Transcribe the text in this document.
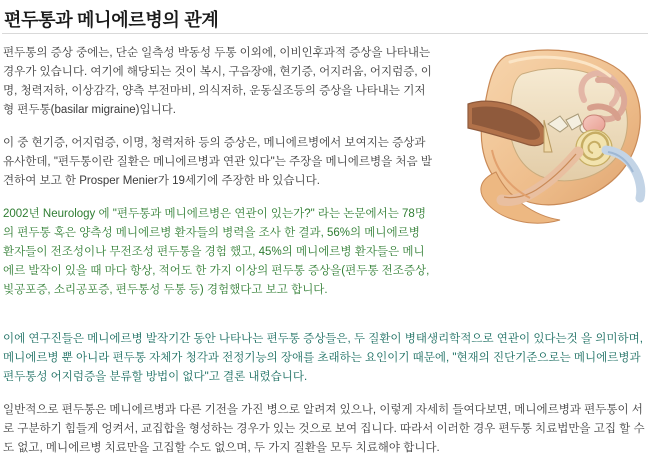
편두통과 메니에르병의 관계

편두통의 증상 중에는, 단순 일측성 박동성 두통 이외에, 이비인후과적 증상을 나타내는 경우가 있습니다. 여기에 해당되는 것이 복시, 구음장애, 현기증, 어지러움, 어지럼증, 이명, 청력저하, 이상감각, 양측 부전마비, 의식저하, 운동실조등의 증상을 나타내는 기저형 편두통(basilar migraine)입니다.

이 중 현기증, 어지럼증, 이명, 청력저하 등의 증상은, 메니에르병에서 보여지는 증상과 유사한데, "편두통이란 질환은 메니에르병과 연관 있다"는 주장을 메니에르병을 처음 발견하여 보고 한 Prosper Menier가 19세기에 주장한 바 있습니다.

2002년 Neurology 에 "편두통과 메니에르병은 연관이 있는가?" 라는 논문에서는 78명의 편두통 혹은 양측성 메니에르병 환자들의 병력을 조사 한 결과, 56%의 메니에르병 환자들이 전조성이나 무전조성 편두통을 경험 했고, 45%의 메니에르병 환자들은 메니에르 발작이 있을 때 마다 항상, 적어도 한 가지 이상의 편두통 증상을(편두통 전조증상, 빛공포증, 소리공포증, 편두통성 두통 등) 경험했다고 보고 합니다.

이에 연구진들은 메니에르병 발작기간 동안 나타나는 편두통 증상들은, 두 질환이 병태생리학적으로 연관이 있다는것 을 의미하며, 메니에르병 뿐 아니라 편두통 자체가 청각과 전정기능의 장애를 초래하는 요인이기 때문에, "현재의 진단기준으로는 메니에르병과 편두통성 어지럼증을 분류할 방법이 없다"고 결론 내렸습니다.

일반적으로 편두통은 메니에르병과 다른 기전을 가진 병으로 알려져 있으나, 이렇게 자세히 들여다보면, 메니에르병과 편두통이 서로 구분하기 힘들게 엉켜서, 교집합을 형성하는 경우가 있는 것으로 보여 집니다. 따라서 이러한 경우 편두통 치료법만을 고집 할 수도 없고, 메니에르병 치료만을 고집할 수도 없으며, 두 가지 질환을 모두 치료해야 합니다.
